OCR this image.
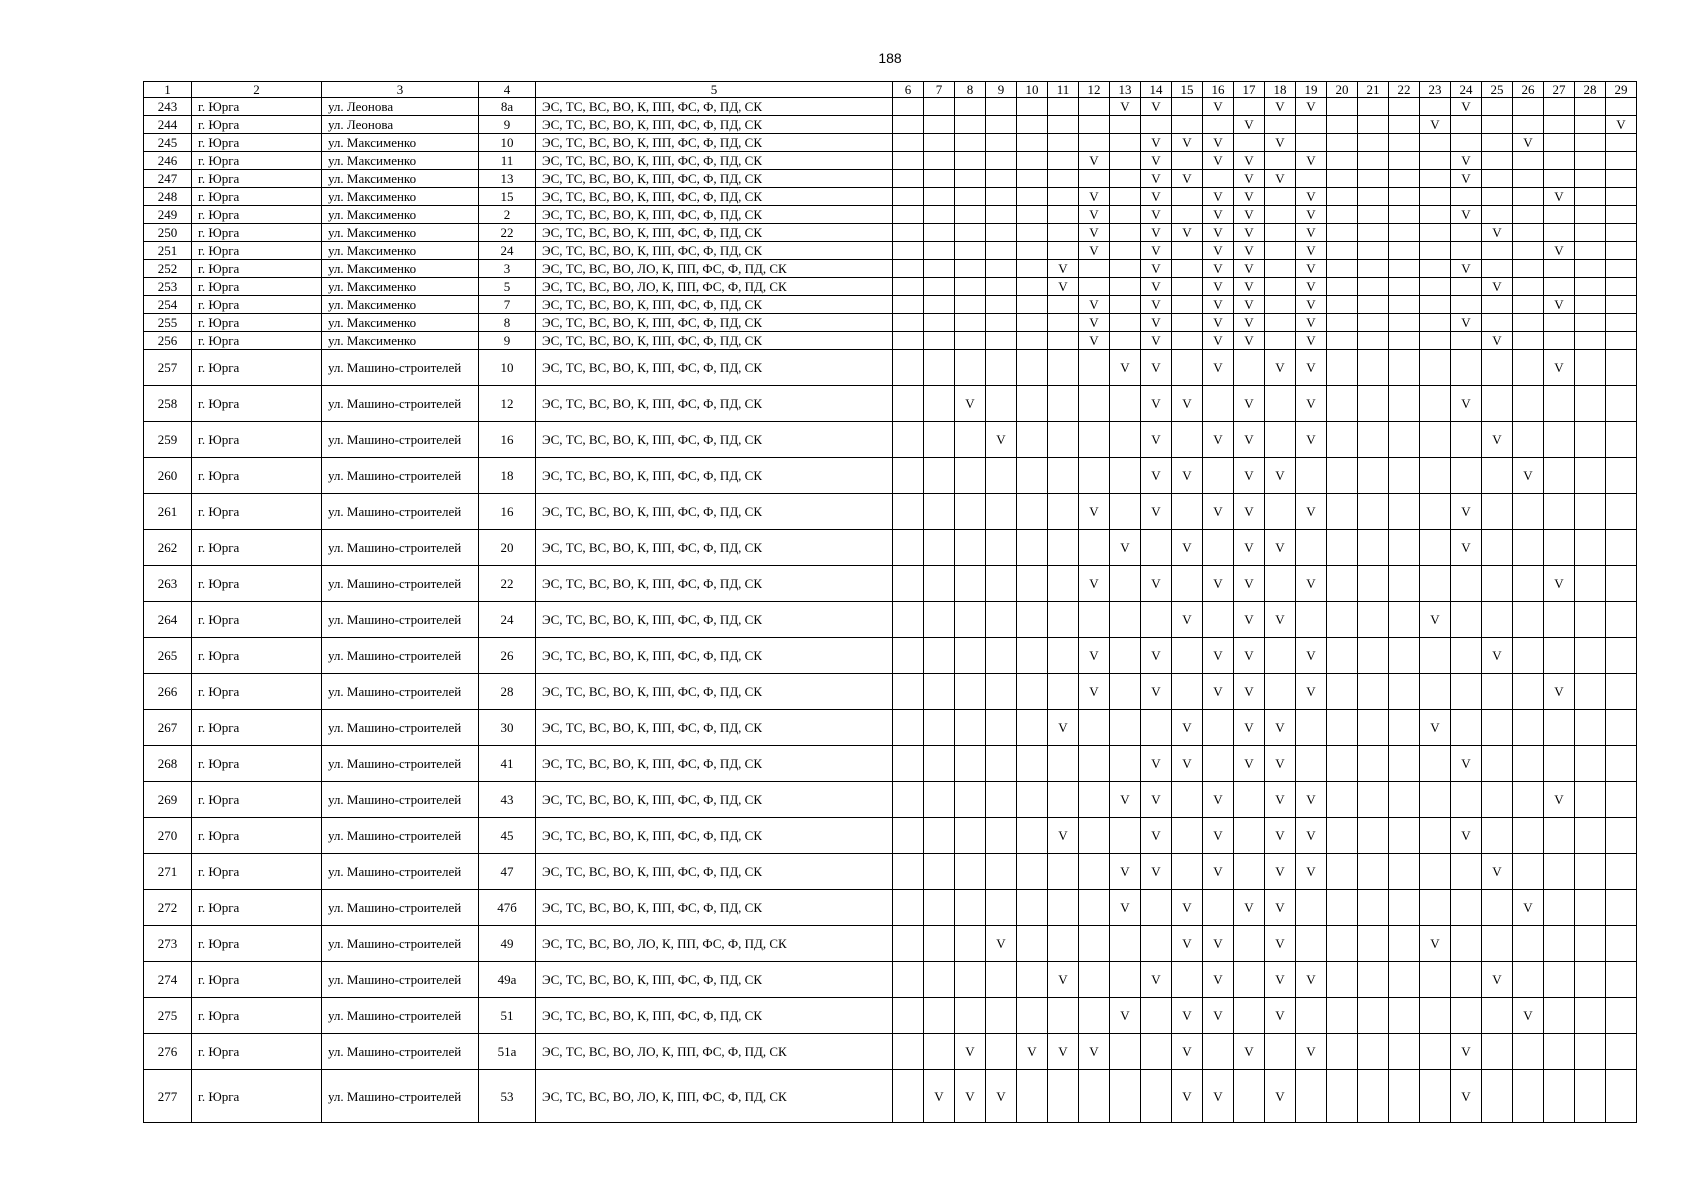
188
1	2	3	4	5	6	7	8	9	10	11	12	13	14	15	16	17	18	19	20	21	22	23	24	25	26	27	28	29
243	г. Юрга	ул. Леонова	8а	ЭС, ТС, ВС, ВО, К, ПП, ФС, Ф, ПД, СК								V	V		V		V	V					V					
244	г. Юрга	ул. Леонова	9	ЭС, ТС, ВС, ВО, К, ПП, ФС, Ф, ПД, СК												V						V						V
245	г. Юрга	ул. Максименко	10	ЭС, ТС, ВС, ВО, К, ПП, ФС, Ф, ПД, СК									V	V	V		V								V			
246	г. Юрга	ул. Максименко	11	ЭС, ТС, ВС, ВО, К, ПП, ФС, Ф, ПД, СК							V		V		V	V		V					V					
247	г. Юрга	ул. Максименко	13	ЭС, ТС, ВС, ВО, К, ПП, ФС, Ф, ПД, СК									V	V		V	V						V					
248	г. Юрга	ул. Максименко	15	ЭС, ТС, ВС, ВО, К, ПП, ФС, Ф, ПД, СК							V		V		V	V		V								V		
249	г. Юрга	ул. Максименко	2	ЭС, ТС, ВС, ВО, К, ПП, ФС, Ф, ПД, СК							V		V		V	V		V					V					
250	г. Юрга	ул. Максименко	22	ЭС, ТС, ВС, ВО, К, ПП, ФС, Ф, ПД, СК							V		V	V	V	V		V						V				
251	г. Юрга	ул. Максименко	24	ЭС, ТС, ВС, ВО, К, ПП, ФС, Ф, ПД, СК							V		V		V	V		V								V		
252	г. Юрга	ул. Максименко	3	ЭС, ТС, ВС, ВО, ЛО, К, ПП, ФС, Ф, ПД, СК						V			V		V	V		V					V					
253	г. Юрга	ул. Максименко	5	ЭС, ТС, ВС, ВО, ЛО, К, ПП, ФС, Ф, ПД, СК						V			V		V	V		V						V				
254	г. Юрга	ул. Максименко	7	ЭС, ТС, ВС, ВО, К, ПП, ФС, Ф, ПД, СК							V		V		V	V		V								V		
255	г. Юрга	ул. Максименко	8	ЭС, ТС, ВС, ВО, К, ПП, ФС, Ф, ПД, СК							V		V		V	V		V					V					
256	г. Юрга	ул. Максименко	9	ЭС, ТС, ВС, ВО, К, ПП, ФС, Ф, ПД, СК							V		V		V	V		V						V				
257	г. Юрга	ул. Машино-строителей	10	ЭС, ТС, ВС, ВО, К, ПП, ФС, Ф, ПД, СК								V	V		V		V	V								V		
258	г. Юрга	ул. Машино-строителей	12	ЭС, ТС, ВС, ВО, К, ПП, ФС, Ф, ПД, СК			V						V	V		V		V					V					
259	г. Юрга	ул. Машино-строителей	16	ЭС, ТС, ВС, ВО, К, ПП, ФС, Ф, ПД, СК				V					V		V	V		V						V				
260	г. Юрга	ул. Машино-строителей	18	ЭС, ТС, ВС, ВО, К, ПП, ФС, Ф, ПД, СК									V	V		V	V								V			
261	г. Юрга	ул. Машино-строителей	16	ЭС, ТС, ВС, ВО, К, ПП, ФС, Ф, ПД, СК							V		V		V	V		V					V					
262	г. Юрга	ул. Машино-строителей	20	ЭС, ТС, ВС, ВО, К, ПП, ФС, Ф, ПД, СК								V		V		V	V						V					
263	г. Юрга	ул. Машино-строителей	22	ЭС, ТС, ВС, ВО, К, ПП, ФС, Ф, ПД, СК							V		V		V	V		V								V		
264	г. Юрга	ул. Машино-строителей	24	ЭС, ТС, ВС, ВО, К, ПП, ФС, Ф, ПД, СК										V		V	V					V						
265	г. Юрга	ул. Машино-строителей	26	ЭС, ТС, ВС, ВО, К, ПП, ФС, Ф, ПД, СК							V		V		V	V		V						V				
266	г. Юрга	ул. Машино-строителей	28	ЭС, ТС, ВС, ВО, К, ПП, ФС, Ф, ПД, СК							V		V		V	V		V								V		
267	г. Юрга	ул. Машино-строителей	30	ЭС, ТС, ВС, ВО, К, ПП, ФС, Ф, ПД, СК						V				V		V	V					V						
268	г. Юрга	ул. Машино-строителей	41	ЭС, ТС, ВС, ВО, К, ПП, ФС, Ф, ПД, СК									V	V		V	V						V					
269	г. Юрга	ул. Машино-строителей	43	ЭС, ТС, ВС, ВО, К, ПП, ФС, Ф, ПД, СК								V	V		V		V	V								V		
270	г. Юрга	ул. Машино-строителей	45	ЭС, ТС, ВС, ВО, К, ПП, ФС, Ф, ПД, СК						V			V		V		V	V					V					
271	г. Юрга	ул. Машино-строителей	47	ЭС, ТС, ВС, ВО, К, ПП, ФС, Ф, ПД, СК								V	V		V		V	V						V				
272	г. Юрга	ул. Машино-строителей	47б	ЭС, ТС, ВС, ВО, К, ПП, ФС, Ф, ПД, СК								V		V		V	V								V			
273	г. Юрга	ул. Машино-строителей	49	ЭС, ТС, ВС, ВО, ЛО, К, ПП, ФС, Ф, ПД, СК				V						V	V		V					V						
274	г. Юрга	ул. Машино-строителей	49а	ЭС, ТС, ВС, ВО, К, ПП, ФС, Ф, ПД, СК						V			V		V		V	V						V				
275	г. Юрга	ул. Машино-строителей	51	ЭС, ТС, ВС, ВО, К, ПП, ФС, Ф, ПД, СК								V		V	V		V								V			
276	г. Юрга	ул. Машино-строителей	51а	ЭС, ТС, ВС, ВО, ЛО, К, ПП, ФС, Ф, ПД, СК			V		V	V	V			V		V		V					V					
277	г. Юрга	ул. Машино-строителей	53	ЭС, ТС, ВС, ВО, ЛО, К, ПП, ФС, Ф, ПД, СК		V	V	V						V	V		V						V					
